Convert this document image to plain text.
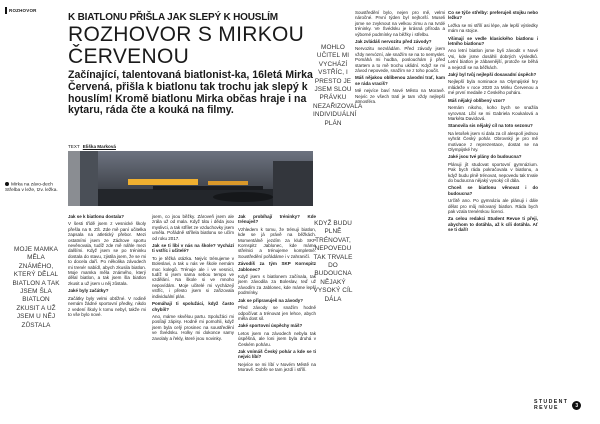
ROZHOVOR
K BIATLONU PŘIŠLA JAK SLEPÝ K HOUSLÍM
ROZHOVOR S MIRKOU
ČERVENOU
Začínající, talentovaná biatlonist-ka, 16letá Mirka Červená, přišla k biatlonu tak trochu jak slepý k houslím! Kromě biatlonu Mirka občas hraje i na kytaru, ráda čte a kouká na filmy.
TEXT Eliška Marková
Mirka na závo-dech Střelba v leže, tzv. ležka.
MOJE MAMKA MĚLA ZNÁMÉHO, KTERÝ DĚLAL BIATLON A TAK JSEM ŠLA BIATLON ZKUSIT A UŽ JSEM U NĚJ ZŮSTALA
MOHLO UČITEL MI VYCHÁZÍ VSTŘÍC, I PRESTO JE JSEM SLOU PRÁVKU NEZAŘIZOVALA INDIVIDUÁLNÍ PLÁN
KDYŽ BUDU PLNĚ TRÉNOVAT, NEPOVEDU TAK TRVALE DO BUDOUCNA NĚJAKÝ VYSOKÝ CÍL DÁLA

Jak se k biatlonu dostala?

V šesti třídě jsem z vesnické školy přešla na 9. ZŠ. Zde mě paní učitelka zapsala na atletický přebor. Mezi ostatními jsem ze Zádrove sportu nevěnovala, tudíž zde mě náhle mezi dalšími. Když jsem se po tréninku dostala do stavu, zjistila jsem, že se mi to docela daří. Po několika závodech mi trenér nabídl, abych zkusila biatlon. Moje mamka měla známého, který dělal biatlon, a tak jsem šla biatlon zkusit a už jsem u něj zůstala.

Jaké byly začátky?

Začátky byly velmi obtížné. V rodině nemám žádné sportovní předky, nikdo z vedení školy k tomu nebyl, takže mi to vše bylo nové.

jsem, co jsou běžky. Zároveň jsem ale zrála už od mala. Když tátu i děda jsou myslivci, a tak střílet ze vzduchovky jsem uměla. Pořádně střílela biatlonu se učím od roku 2017.

Jak se ti líbí v nás na škole? Vychází ti vstříc i učitelé?

To je těžká otázka. Nejvíc trénujeme v Boleslavi, a tak u nás ve škole nemám moc kolegů. Trénuje ale i ve vesnici, tudíž si jsem sama sebou tempo ve vzdělání. Na škole si ve mnoho nepovídám. Moje učitelé mi vycházejí vstříc, i přesto jsem si zařizovala individuální plán.

Pomáhají ti spolužáci, když často chybíš?

Ano, máme skvělou partu. Spolužáci mi posílají zápisy. Hodně mi pomohli, když jsem byla celý prosinec na soustředění ve Švédsku. Holky mi dokonce samy zavolaly a řekly, které jsou novinky.

Jak probíhají tréninky? Kde trénuješ?

Vzhledem k tomu, že trénuji biatlon, kde se já právě na běžkách. Momentálně jezdím za klub SKP Kornspitz Jablonec, kde máme střelnici a trénujeme kompletně. Soustředění pořádáme i v zahraničí.

Závodíš za tým SKP Kornspitz Jablonec?

Když jsem s biatlonem začínala, tak jsem závodila za Boleslav, teď už závodím za Jablonec, kde máme lepší podmínky.

Jak se připravuješ na závody?

Před závody se snažím hodně odpočívat a trénovat jen lehce, abych měla dost sil.

Jaké sportovní úspěchy máš?

Letos jsem na závodech nebyla tak úspěšná, ale loni jsem byla druhá v Českém poháru.

Jak vnímáš Český pohár a kde se ti nejvíc líbí?

Nejvíce se mi líbí v Novém Městě na Moravě. Dobře se tam jezdí i střílí.

Soustředění bylo, nejen pro mě, velmi náročné. První týden byl nejhorší. Museli jsme se zvyknout na velkou zimu a na tvrdé tréninky. Ve Švédsku je krásná příroda a výborné podmínky na běžky i střelbu.

Jak zvládáš nervozitu před závody?

Nervozitu nezvládám. Před závody jsem vždy nervózní, ale snažím se na to nemyslet. Pomáhá mi hudba, poslouchám ji před startem a to mě trochu uklidní. Když se mi závod nepovede, snažím se z toho poučit.

Máš nějakou oblíbenou závodní trať, kam se ráda vracíš?

Mě nejvíce baví Nové Město na Moravě. Nejvíc ze všech tratí je tam vždy nejlepší atmosféra.

Co se týče střelby: preferuješ stojku nebo ležku?

Ležka se mi střílí asi lépe, ale lepší výsledky mám na stojce.

Všimají se vedle klasického biatlonu i letního biatlonu?

Ano letní biatlon jsme byli závodit v Nové Vsi, kde jsme dosáhli dobrých výsledků. Letní biatlon je zábavnější, protože se běhá a nejezdí se na běžkách.

Jaký byl tvůj nejlepší dosavadní úspěch?

Nejlepší byla nominace na Olympijské hry mládeže v roce 2020 za Mirku Červenou a mé první medaile z Českého poháru.

Máš nějaký oblíbený vzor?

Nemám nikoho, koho bych se snažila vyrovnat. Líbí se mi Gabriela Koukalová a Markéta Davidová.

Stanovila sis nějaký cíl na toto sezonu?

Na letošek jsem si dala za cíl alespoň jednou vyhrát Český pohár. Obrovský je pro mě motivace z reprezentace, dostat se na Olympijské hry.

Jaké jsou tvé plány do budoucna?

Plánuji jít studovat sportovní gymnázium. Pak bych ráda pokračovala v biatlonu, a když budu plně trénovat, nepovedu tak trvale do budoucna nějaký vysoký cíl dála.

Chceš se biatlonu věnovat i do budoucna?

Určitě ano. Po gymnáziu ale plánuji i dále dělat pro můj milovaný biatlon. Ráda bych pak vzala trenérskou licenci.

Za celou redakci Student Revue ti přeji, abychom to dotáhla, až k cíli dotáhla. Ať se ti daří!

STUDENT
REVUE	3
